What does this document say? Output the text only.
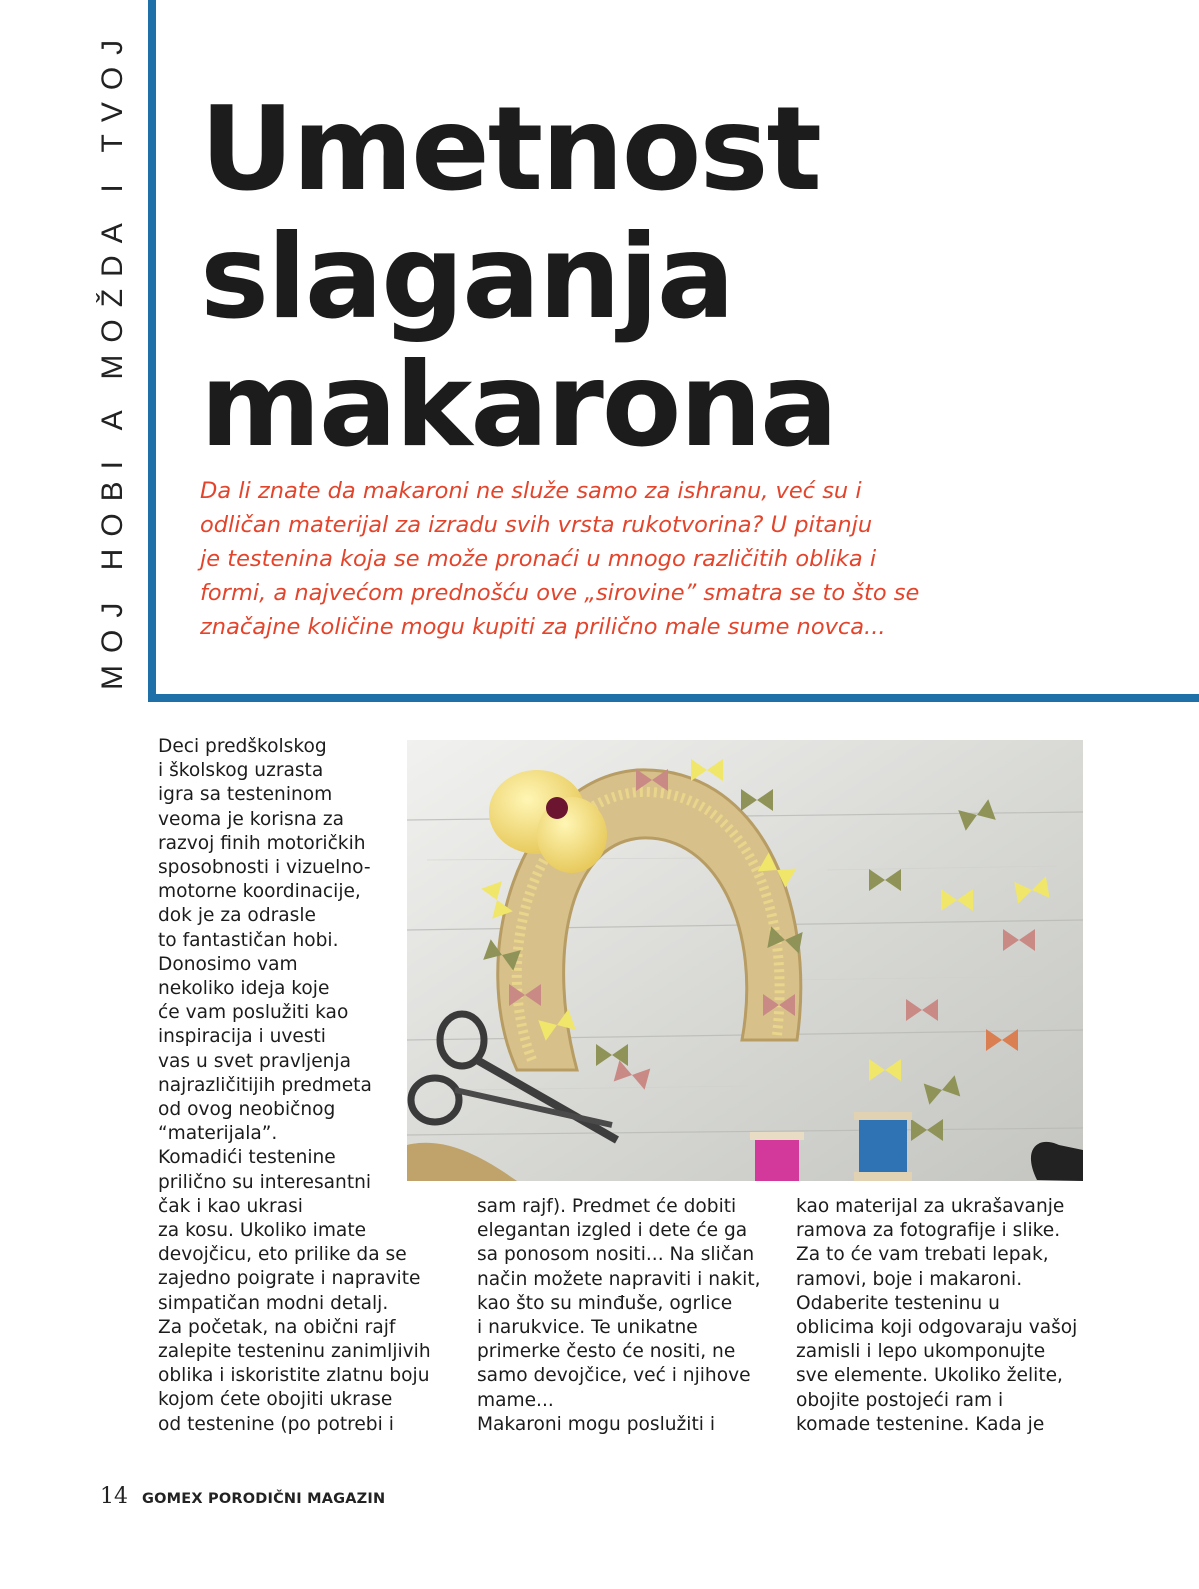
MOJ HOBI A MOŽDA I TVOJ Umetnost
slaganja
makarona

Da li znate da makaroni ne služe samo za ishranu, već su i
odličan materijal za izradu svih vrsta rukotvorina? U pitanju
je testenina koja se može pronaći u mnogo različitih oblika i
formi, a najvećom prednošću ove „sirovine” smatra se to što se
značajne količine mogu kupiti za prilično male sume novca...

Deci predškolskog
i školskog uzrasta
igra sa testeninom
veoma je korisna za
razvoj finih motoričkih
sposobnosti i vizuelno-
motorne koordinacije,
dok je za odrasle
to fantastičan hobi.
Donosimo vam
nekoliko ideja koje
će vam poslužiti kao
inspiracija i uvesti
vas u svet pravljenja
najrazličitijih predmeta
od ovog neobičnog
“materijala”.
Komadići testenine
prilično su interesantni
čak i kao ukrasi
za kosu. Ukoliko imate
devojčicu, eto prilike da se
zajedno poigrate i napravite
simpatičan modni detalj.
Za početak, na obični rajf
zalepite testeninu zanimljivih
oblika i iskoristite zlatnu boju
kojom ćete obojiti ukrase
od testenine (po potrebi i

sam rajf). Predmet će dobiti
elegantan izgled i dete će ga
sa ponosom nositi... Na sličan
način možete napraviti i nakit,
kao što su minđuše, ogrlice
i narukvice. Te unikatne
primerke često će nositi, ne
samo devojčice, već i njihove
mame...
Makaroni mogu poslužiti i

kao materijal za ukrašavanje
ramova za fotografije i slike.
Za to će vam trebati lepak,
ramovi, boje i makaroni.
Odaberite testeninu u
oblicima koji odgovaraju vašoj
zamisli i lepo ukomponujte
sve elemente. Ukoliko želite,
obojite postojeći ram i
komade testenine. Kada je

14 GOMEX PORODIČNI MAGAZIN
